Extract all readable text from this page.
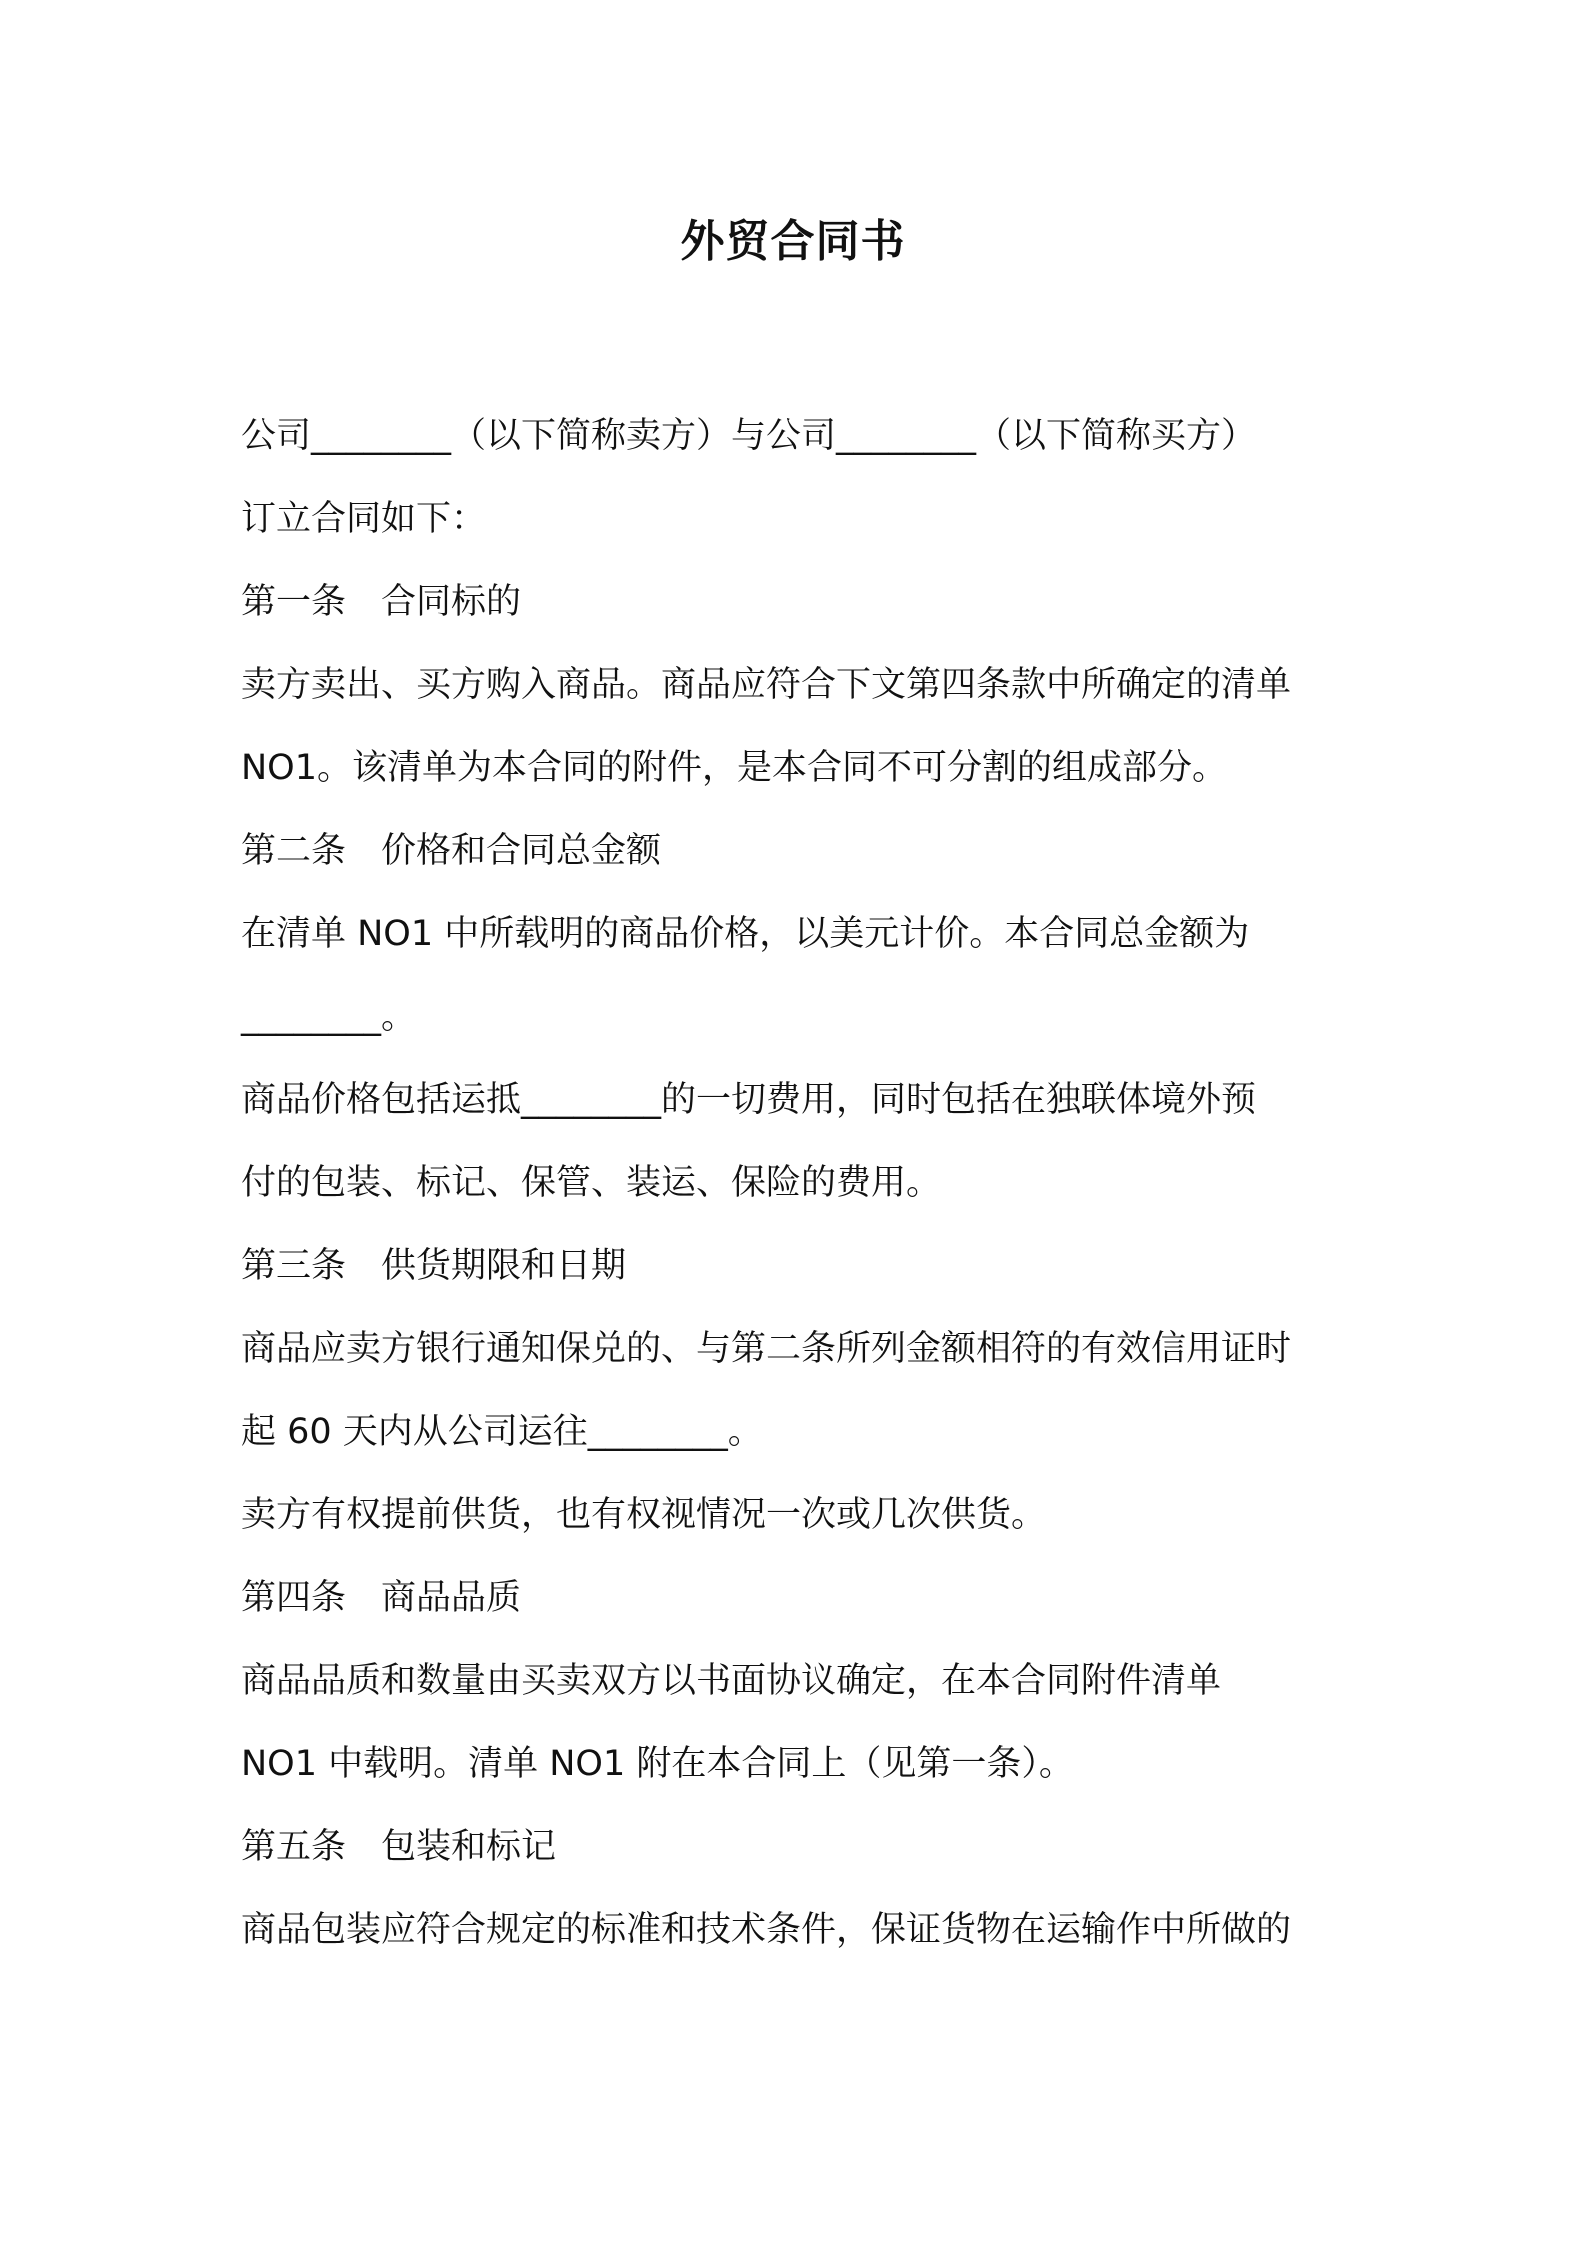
外贸合同书
公司________（以下简称卖方）与公司________（以下简称买方）
订立合同如下：
第一条　合同标的
卖方卖出、买方购入商品。商品应符合下文第四条款中所确定的清单
NO1。该清单为本合同的附件，是本合同不可分割的组成部分。
第二条　价格和合同总金额
在清单 NO1 中所载明的商品价格，以美元计价。本合同总金额为
________。
商品价格包括运抵________的一切费用，同时包括在独联体境外预
付的包装、标记、保管、装运、保险的费用。
第三条　供货期限和日期
商品应卖方银行通知保兑的、与第二条所列金额相符的有效信用证时
起 60 天内从公司运往________。
卖方有权提前供货，也有权视情况一次或几次供货。
第四条　商品品质
商品品质和数量由买卖双方以书面协议确定，在本合同附件清单
NO1 中载明。清单 NO1 附在本合同上（见第一条）。
第五条　包装和标记
商品包装应符合规定的标准和技术条件，保证货物在运输作中所做的
